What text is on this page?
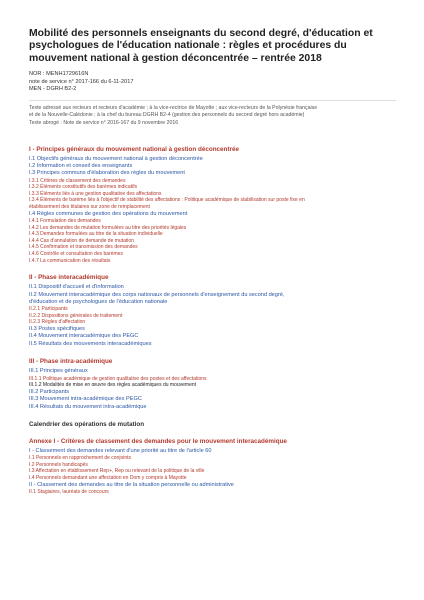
Mobilité des personnels enseignants du second degré, d'éducation et psychologues de l'éducation nationale : règles et procédures du mouvement national à gestion déconcentrée – rentrée 2018
NOR : MENH1729616N
note de service n° 2017-166 du 6-11-2017
MEN - DGRH B2-2
Texte adressé aux recteurs et recteurs d'académie ; à la vice-rectrice de Mayotte ; aux vice-recteurs de la Polynésie française
et de la Nouvelle-Calédonie ; à la chef du bureau DGRH B2-4 (gestion des personnels du second degré hors académie)
Texte abrogé : Note de service n° 2016-167 du 9 novembre 2016
I - Principes généraux du mouvement national à gestion déconcentrée
I.1 Objectifs généraux du mouvement national à gestion déconcentrée
I.2 Information et conseil des enseignants
I.3 Principes communs d'élaboration des règles du mouvement
I.3.1 Critères de classement des demandes
I.3.2 Éléments constitutifs des barèmes indicatifs
I.3.3 Éléments liés à une gestion qualitative des affectations
I.3.4 Éléments de barème liés à l'objectif de stabilité des affectations : Politique académique de stabilisation sur poste fixe en
établissement des titulaires sur zone de remplacement
I.4 Règles communes de gestion des opérations du mouvement
I.4.1 Formulation des demandes
I.4.2 Les demandes de mutation formulées au titre des priorités légales
I.4.3 Demandes formulées au titre de la situation individuelle
I.4.4 Cas d'annulation de demande de mutation
I.4.5 Confirmation et transmission des demandes
I.4.6 Contrôle et consultation des barèmes
I.4.7 La communication des résultats
II - Phase interacadémique
II.1 Dispositif d'accueil et d'information
II.2 Mouvement interacadémique des corps nationaux de personnels d'enseignement du second degré,
d'éducation et de psychologues de l'éducation nationale
II.2.1 Participants
II.2.2 Dispositions générales de traitement
II.2.3 Règles d'affectation
II.3 Postes spécifiques
II.4 Mouvement interacadémique des PEGC
II.5 Résultats des mouvements interacadémiques
III - Phase intra-académique
III.1 Principes généraux
III.1.1 Politique académique de gestion qualitative des postes et des affectations
III.1.2 Modalités de mise en œuvre des règles académiques du mouvement
III.2 Participants
III.3 Mouvement intra-académique des PEGC
III.4 Résultats du mouvement intra-académique
Calendrier des opérations de mutation
Annexe I - Critères de classement des demandes pour le mouvement interacadémique
I - Classement des demandes relevant d'une priorité au titre de l'article 60
I.1 Personnels en rapprochement de conjoints
I.2 Personnels handicapés
I.3 Affectation en établissement Rep+, Rep ou relevant de la politique de la ville
I.4 Personnels demandant une affectation en Dom y compris à Mayotte
II - Classement des demandes au titre de la situation personnelle ou administrative
II.1 Stagiaires, lauréats de concours
